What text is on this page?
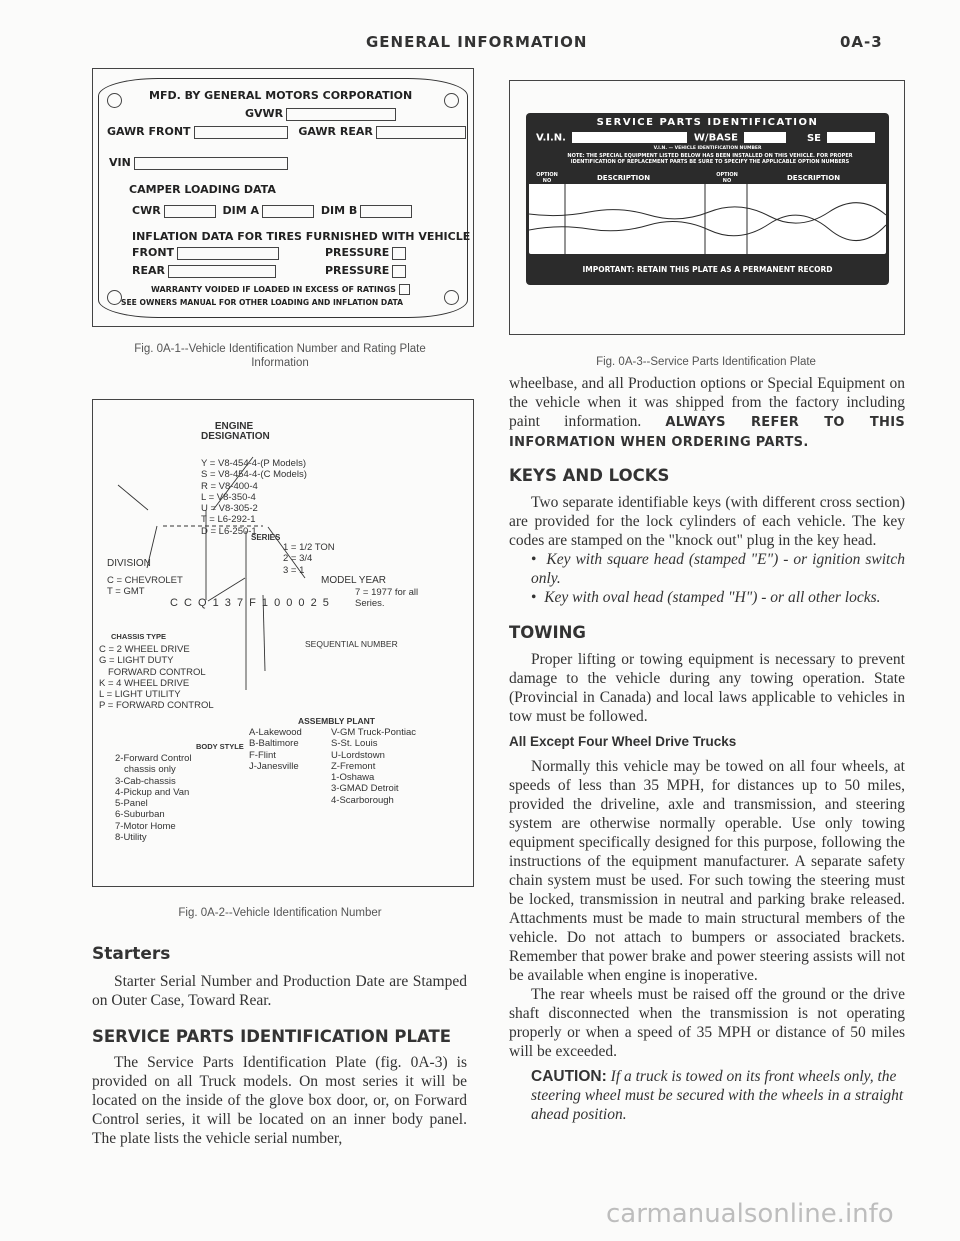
GENERAL INFORMATION	0A-3
MFD. BY GENERAL MOTORS CORPORATION
GVWR
GAWR FRONT	GAWR REAR
VIN
CAMPER LOADING DATA
CWR	DIM A	DIM B
INFLATION DATA FOR TIRES FURNISHED WITH VEHICLE
FRONT	PRESSURE
REAR	PRESSURE
WARRANTY VOIDED IF LOADED IN EXCESS OF RATINGS
SEE OWNERS MANUAL FOR OTHER LOADING AND INFLATION DATA
Fig. 0A-1--Vehicle Identification Number and Rating Plate Information
ENGINE DESIGNATION
Y = V8-454-4-(P Models)
S = V8-454-4-(C Models)
R = V8-400-4
L = V8-350-4
U = V8-305-2
T = L6-292-1
D = L6-250-1
SERIES
1 = 1/2 TON
2 = 3/4
3 = 1
DIVISION
C = CHEVROLET
T = GMT
MODEL YEAR
7 = 1977 for all Series.
C C Q 1 3 7 F 1 0 0 0 2 5
CHASSIS TYPE
C = 2 WHEEL DRIVE
G = LIGHT DUTY
FORWARD CONTROL
K = 4 WHEEL DRIVE
L = LIGHT UTILITY
P = FORWARD CONTROL
SEQUENTIAL NUMBER
ASSEMBLY PLANT
A-Lakewood
B-Baltimore
F-Flint
J-Janesville
V-GM Truck-Pontiac
S-St. Louis
U-Lordstown
Z-Fremont
1-Oshawa
3-GMAD Detroit
4-Scarborough
BODY STYLE
2-Forward Control
chassis only
3-Cab-chassis
4-Pickup and Van
5-Panel
6-Suburban
7-Motor Home
8-Utility
Fig. 0A-2--Vehicle Identification Number
Starters

Starter Serial Number and Production Date are Stamped on Outer Case, Toward Rear.

SERVICE PARTS IDENTIFICATION PLATE

The Service Parts Identification Plate (fig. 0A-3) is provided on all Truck models. On most series it will be located on the inside of the glove box door, or, on Forward Control series, it will be located on an inner body panel. The plate lists the vehicle serial number,

SERVICE PARTS IDENTIFICATION
V.I.N.	W/BASE	SE
V.I.N. — VEHICLE IDENTIFICATION NUMBER
NOTE: THE SPECIAL EQUIPMENT LISTED BELOW HAS BEEN INSTALLED ON THIS VEHICLE. FOR PROPER IDENTIFICATION OF REPLACEMENT PARTS BE SURE TO SPECIFY THE APPLICABLE OPTION NUMBERS
OPTION NO	DESCRIPTION	OPTION NO	DESCRIPTION
IMPORTANT: RETAIN THIS PLATE AS A PERMANENT RECORD
Fig. 0A-3--Service Parts Identification Plate
wheelbase, and all Production options or Special Equipment on the vehicle when it was shipped from the factory including paint information. ALWAYS REFER TO THIS INFORMATION WHEN ORDERING PARTS.
KEYS AND LOCKS

Two separate identifiable keys (with different cross section) are provided for the lock cylinders of each vehicle. The key codes are stamped on the "knock out" plug in the key head.

•  Key with square head (stamped "E") - or ignition switch only.
•  Key with oval head (stamped "H") - or all other locks.
TOWING

Proper lifting or towing equipment is necessary to prevent damage to the vehicle during any towing operation. State (Provincial in Canada) and local laws applicable to vehicles in tow must be followed.

All Except Four Wheel Drive Trucks

Normally this vehicle may be towed on all four wheels, at speeds of less than 35 MPH, for distances up to 50 miles, provided the driveline, axle and transmission, and steering system are otherwise normally operable. Use only towing equipment specifically designed for this purpose, following the instructions of the equipment manufacturer. A separate safety chain system must be used. For such towing the steering must be locked, transmission in neutral and parking brake released. Attachments must be made to main structural members of the vehicle. Do not attach to bumpers or associated brackets. Remember that power brake and power steering assists will not be available when engine is inoperative.

The rear wheels must be raised off the ground or the drive shaft disconnected when the transmission is not operating properly or when a speed of 35 MPH or distance of 50 miles will be exceeded.

CAUTION: If a truck is towed on its front wheels only, the steering wheel must be secured with the wheels in a straight ahead position.
carmanualsonline.info
